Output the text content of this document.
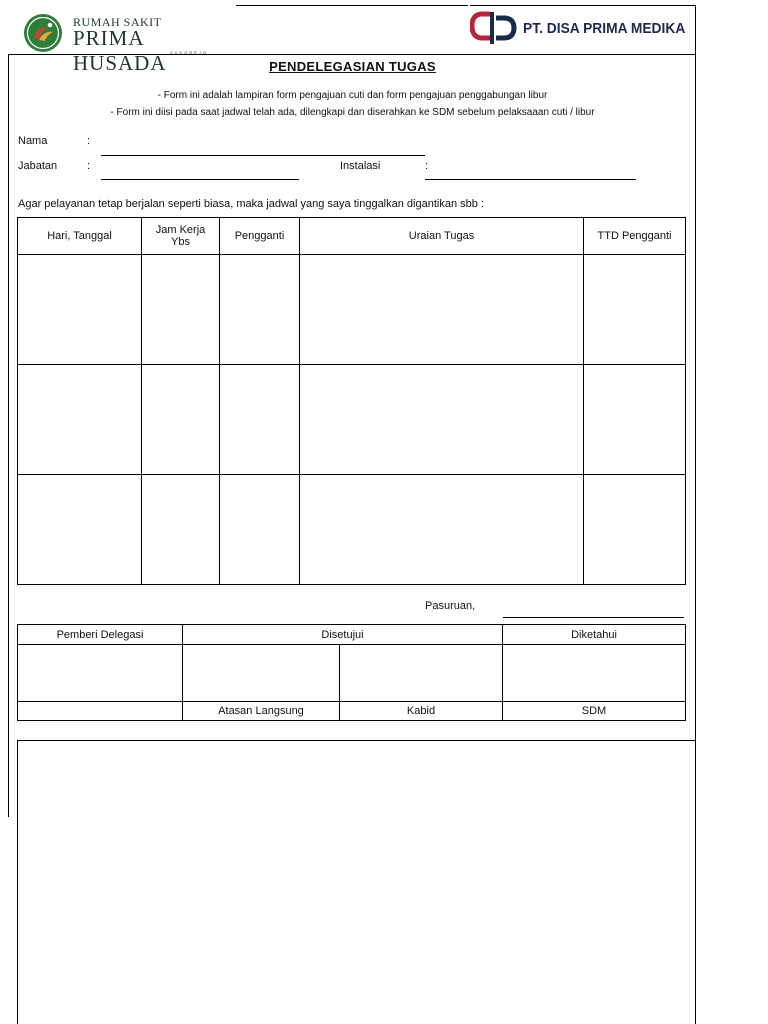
RUMAH SAKIT
PRIMA HUSADA SUKOREJO
PT. DISA PRIMA MEDIKA
PENDELEGASIAN TUGAS
- Form ini adalah lampiran form pengajuan cuti dan form pengajuan penggabungan libur
- Form ini diisi pada saat jadwal telah ada, dilengkapi dan diserahkan ke SDM sebelum pelaksaaan cuti / libur
Nama	:
Jabatan	:	Instalasi	:
Agar pelayanan tetap berjalan seperti biasa, maka jadwal yang saya tinggalkan digantikan sbb :
Hari, Tanggal	Jam Kerja Ybs	Pengganti	Uraian Tugas	TTD Pengganti

Pasuruan,
Pemberi Delegasi	Disetujui		Diketahui

	Atasan Langsung	Kabid	SDM
